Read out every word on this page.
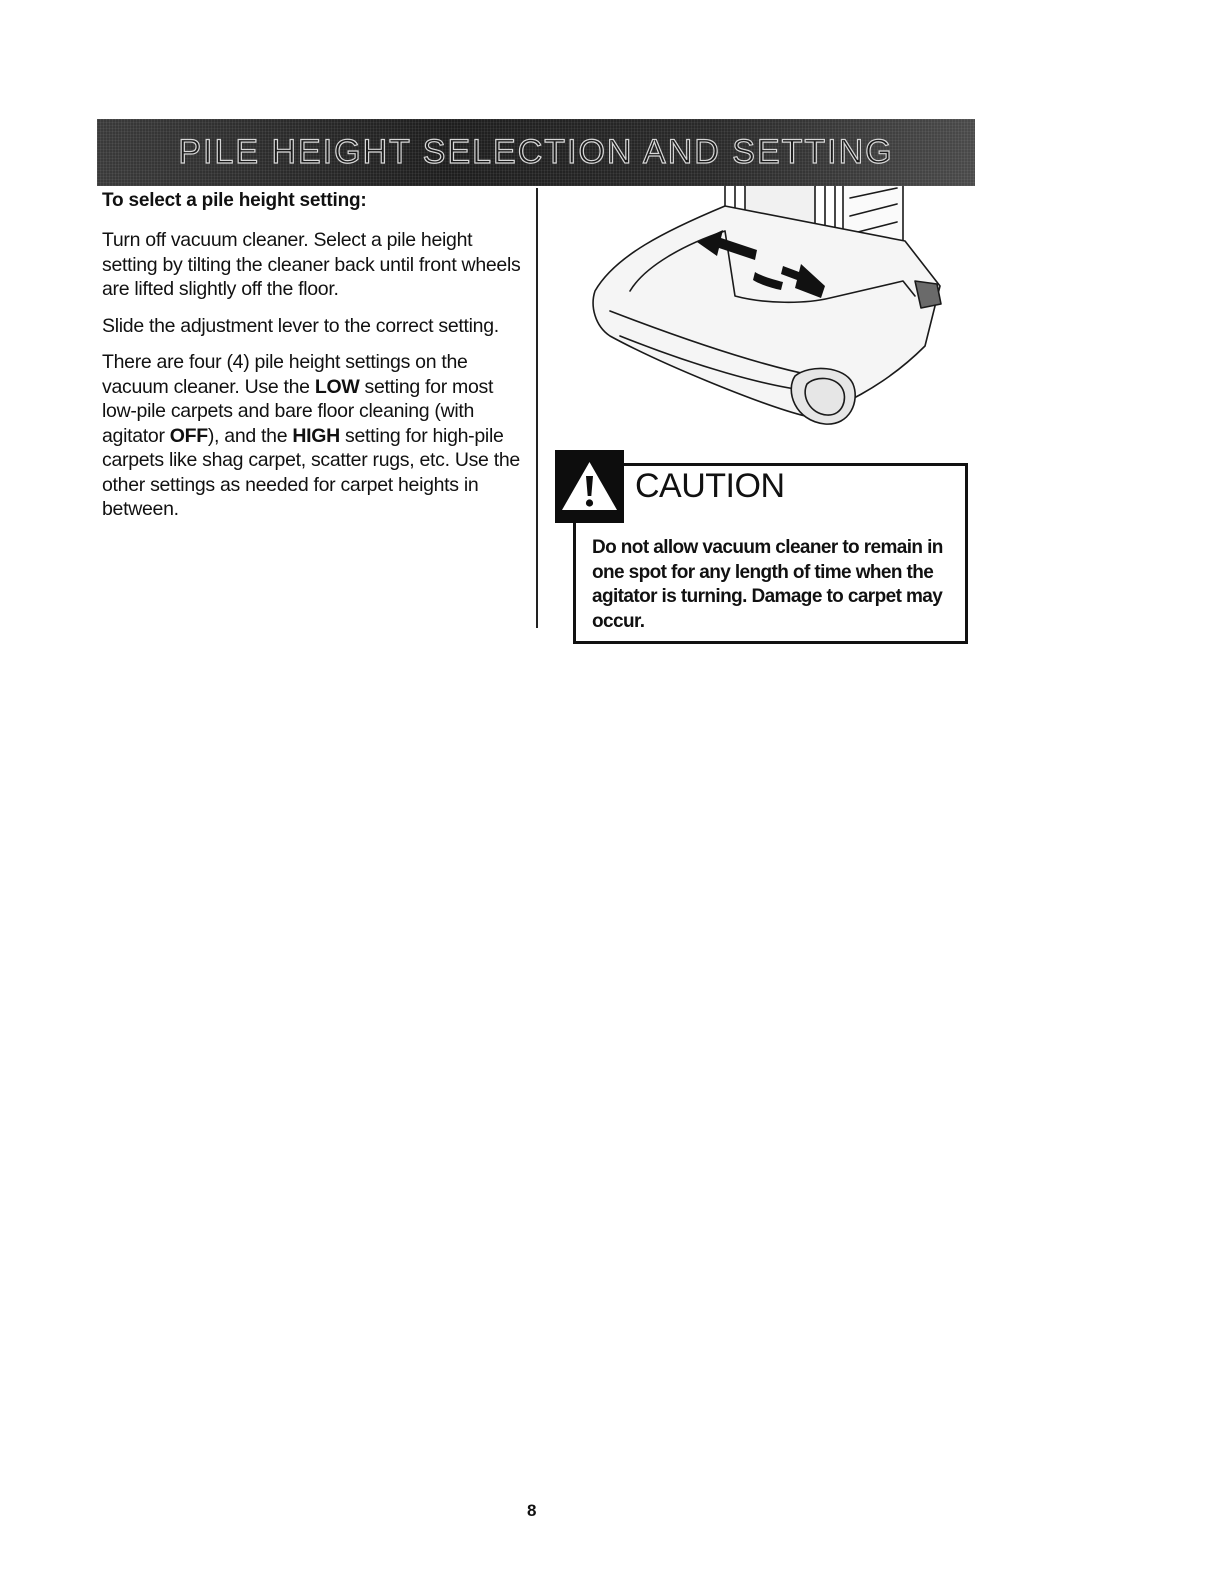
PILE HEIGHT SELECTION AND SETTING
To select a pile height setting:

Turn off vacuum cleaner. Select a pile height setting by tilting the cleaner back until front wheels are lifted slightly off the floor.

Slide the adjustment lever to the correct setting.

There are four (4) pile height settings on the vacuum cleaner. Use the LOW setting for most low-pile carpets and bare floor cleaning (with agitator OFF), and the HIGH setting for high-pile carpets like shag carpet, scatter rugs, etc. Use the other settings as needed for carpet heights in between.

CAUTION
Do not allow vacuum cleaner to remain in one spot for any length of time when the agitator is turning. Damage to carpet may occur.
8
